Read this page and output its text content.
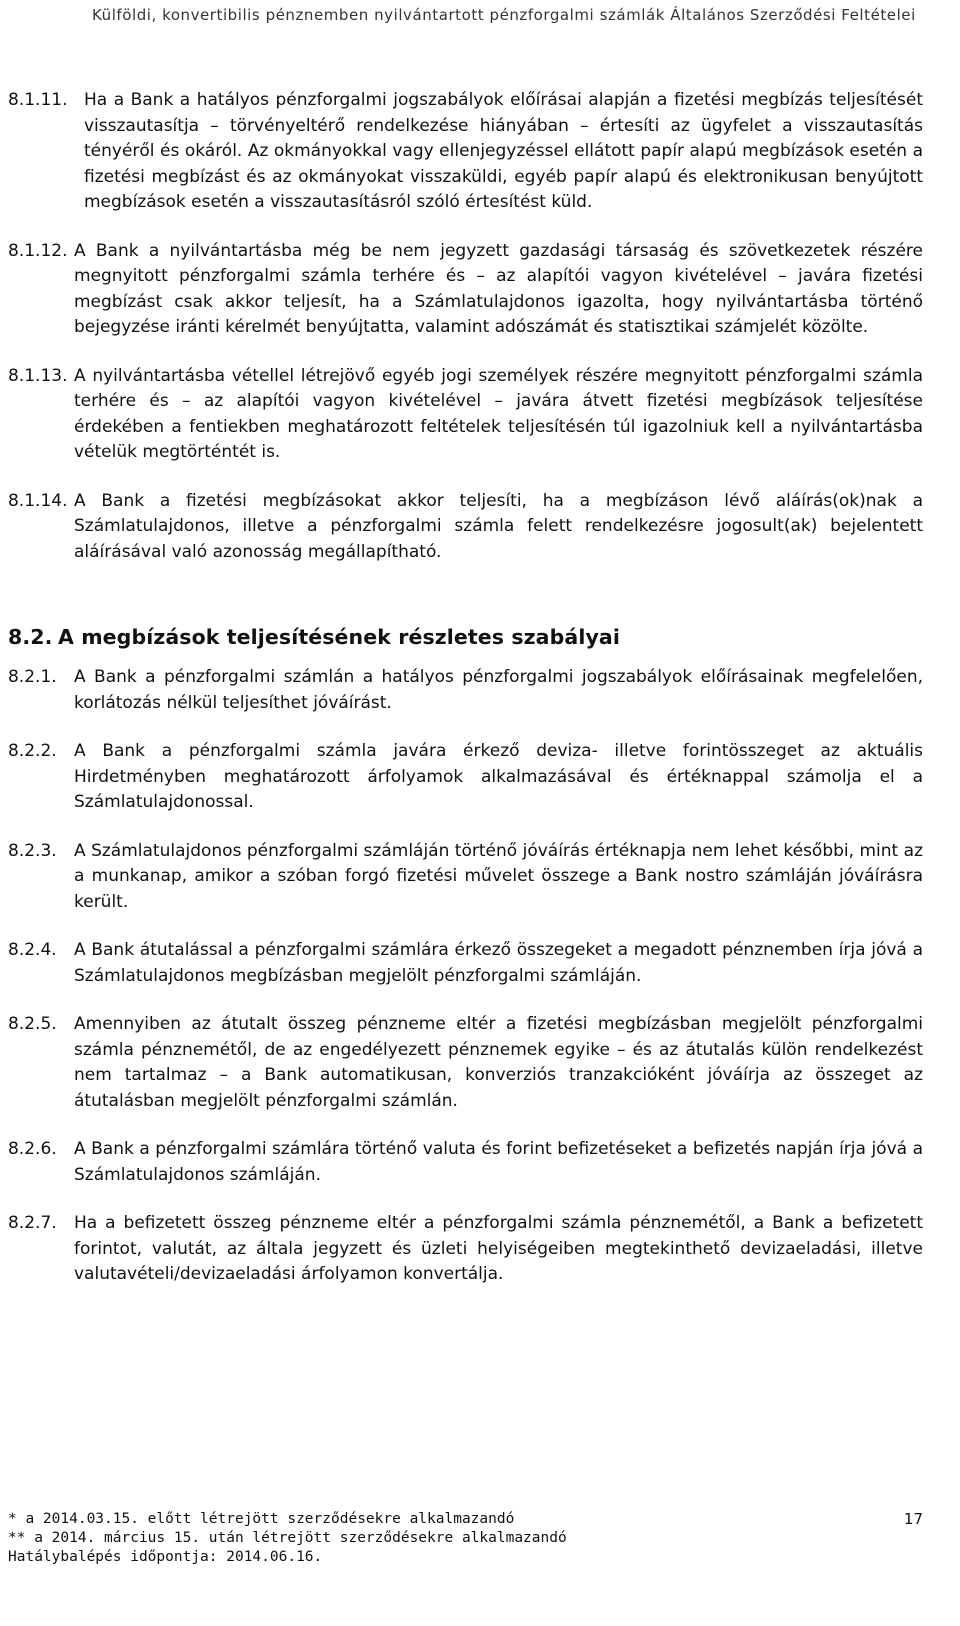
Külföldi, konvertibilis pénznemben nyilvántartott pénzforgalmi számlák Általános Szerződési Feltételei
8.1.11. Ha a Bank a hatályos pénzforgalmi jogszabályok előírásai alapján a fizetési megbízás teljesítését visszautasítja – törvényeltérő rendelkezése hiányában – értesíti az ügyfelet a visszautasítás tényéről és okáról. Az okmányokkal vagy ellenjegyzéssel ellátott papír alapú megbízások esetén a fizetési megbízást és az okmányokat visszaküldi, egyéb papír alapú és elektronikusan benyújtott megbízások esetén a visszautasításról szóló értesítést küld.
8.1.12. A Bank a nyilvántartásba még be nem jegyzett gazdasági társaság és szövetkezetek részére megnyitott pénzforgalmi számla terhére és – az alapítói vagyon kivételével – javára fizetési megbízást csak akkor teljesít, ha a Számlatulajdonos igazolta, hogy nyilvántartásba történő bejegyzése iránti kérelmét benyújtatta, valamint adószámát és statisztikai számjelét közölte.
8.1.13. A nyilvántartásba vétellel létrejövő egyéb jogi személyek részére megnyitott pénzforgalmi számla terhére és – az alapítói vagyon kivételével – javára átvett fizetési megbízások teljesítése érdekében a fentiekben meghatározott feltételek teljesítésén túl igazolniuk kell a nyilvántartásba vételük megtörténtét is.
8.1.14. A Bank a fizetési megbízásokat akkor teljesíti, ha a megbízáson lévő aláírás(ok)nak a Számlatulajdonos, illetve a pénzforgalmi számla felett rendelkezésre jogosult(ak) bejelentett aláírásával való azonosság megállapítható.
8.2. A megbízások teljesítésének részletes szabályai
8.2.1. A Bank a pénzforgalmi számlán a hatályos pénzforgalmi jogszabályok előírásainak megfelelően, korlátozás nélkül teljesíthet jóváírást.
8.2.2. A Bank a pénzforgalmi számla javára érkező deviza- illetve forintösszeget az aktuális Hirdetményben meghatározott árfolyamok alkalmazásával és értéknappal számolja el a Számlatulajdonossal.
8.2.3. A Számlatulajdonos pénzforgalmi számláján történő jóváírás értéknapja nem lehet későbbi, mint az a munkanap, amikor a szóban forgó fizetési művelet összege a Bank nostro számláján jóváírásra került.
8.2.4. A Bank átutalással a pénzforgalmi számlára érkező összegeket a megadott pénznemben írja jóvá a Számlatulajdonos megbízásban megjelölt pénzforgalmi számláján.
8.2.5. Amennyiben az átutalt összeg pénzneme eltér a fizetési megbízásban megjelölt pénzforgalmi számla pénznemétől, de az engedélyezett pénznemek egyike – és az átutalás külön rendelkezést nem tartalmaz – a Bank automatikusan, konverziós tranzakcióként jóváírja az összeget az átutalásban megjelölt pénzforgalmi számlán.
8.2.6. A Bank a pénzforgalmi számlára történő valuta és forint befizetéseket a befizetés napján írja jóvá a Számlatulajdonos számláján.
8.2.7. Ha a befizetett összeg pénzneme eltér a pénzforgalmi számla pénznemétől, a Bank a befizetett forintot, valutát, az általa jegyzett és üzleti helyiségeiben megtekinthető devizaeladási, illetve valutavételi/devizaeladási árfolyamon konvertálja.
* a 2014.03.15. előtt létrejött szerződésekre alkalmazandó
** a 2014. március 15. után létrejött szerződésekre alkalmazandó
Hatálybalépés időpontja: 2014.06.16.
17
